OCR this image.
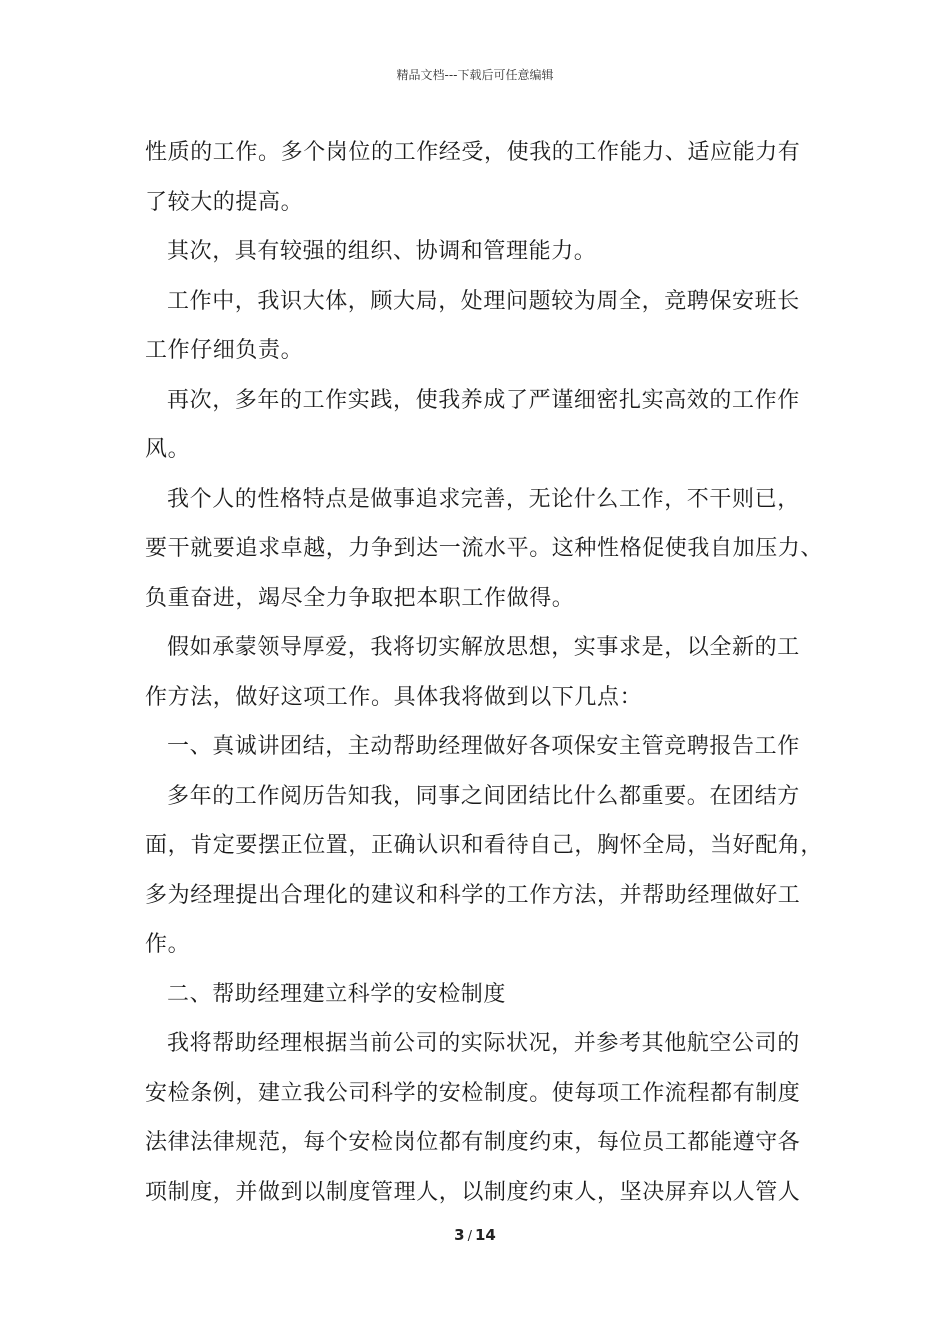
精品文档---下载后可任意编辑
性质的工作。多个岗位的工作经受，使我的工作能力、适应能力有
了较大的提高。
其次，具有较强的组织、协调和管理能力。
工作中，我识大体，顾大局，处理问题较为周全，竞聘保安班长
工作仔细负责。
再次，多年的工作实践，使我养成了严谨细密扎实高效的工作作
风。
我个人的性格特点是做事追求完善，无论什么工作，不干则已，
要干就要追求卓越，力争到达一流水平。这种性格促使我自加压力、
负重奋进，竭尽全力争取把本职工作做得。
假如承蒙领导厚爱，我将切实解放思想，实事求是，以全新的工
作方法，做好这项工作。具体我将做到以下几点：
一、真诚讲团结，主动帮助经理做好各项保安主管竞聘报告工作
多年的工作阅历告知我，同事之间团结比什么都重要。在团结方
面，肯定要摆正位置，正确认识和看待自己，胸怀全局，当好配角，
多为经理提出合理化的建议和科学的工作方法，并帮助经理做好工
作。
二、帮助经理建立科学的安检制度
我将帮助经理根据当前公司的实际状况，并参考其他航空公司的
安检条例，建立我公司科学的安检制度。使每项工作流程都有制度
法律法律规范，每个安检岗位都有制度约束，每位员工都能遵守各
项制度，并做到以制度管理人，以制度约束人，坚决屏弃以人管人
3 / 14
